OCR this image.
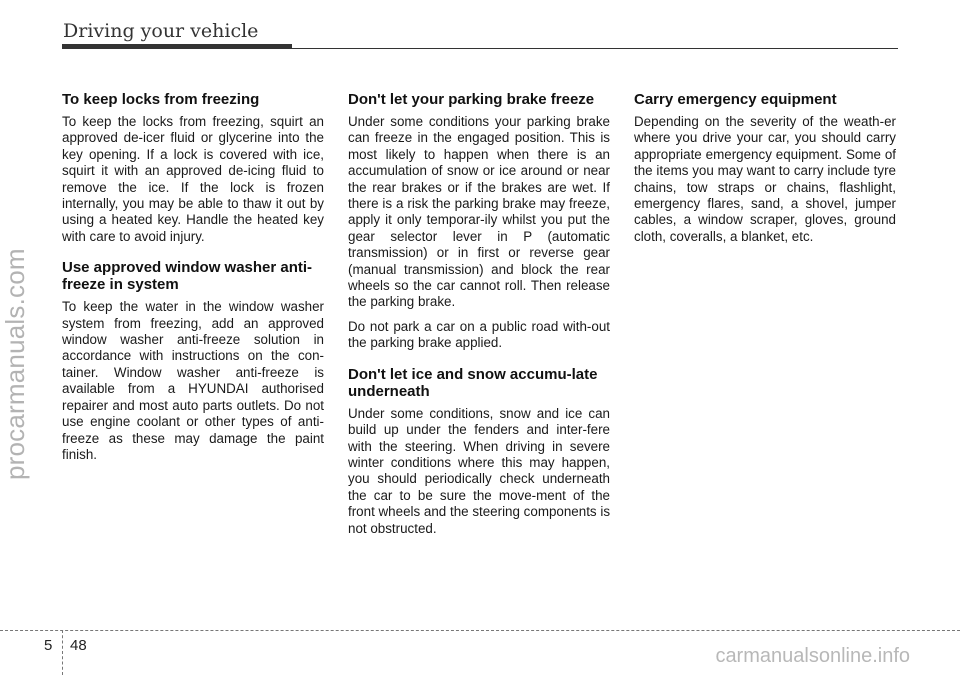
Driving your vehicle
procarmanuals.com
To keep locks from freezing

To keep the locks from freezing, squirt an approved de-icer fluid or glycerine into the key opening. If a lock is covered with ice, squirt it with an approved de-icing fluid to remove the ice. If the lock is frozen internally, you may be able to thaw it out by using a heated key. Handle the heated key with care to avoid injury.

Use approved window washer anti-freeze in system

To keep the water in the window washer system from freezing, add an approved window washer anti-freeze solution in accordance with instructions on the con-tainer. Window washer anti-freeze is available from a HYUNDAI authorised repairer and most auto parts outlets. Do not use engine coolant or other types of anti-freeze as these may damage the paint finish.

Don't let your parking brake freeze

Under some conditions your parking brake can freeze in the engaged position. This is most likely to happen when there is an accumulation of snow or ice around or near the rear brakes or if the brakes are wet. If there is a risk the parking brake may freeze, apply it only temporar-ily whilst you put the gear selector lever in P (automatic transmission) or in first or reverse gear (manual transmission) and block the rear wheels so the car cannot roll. Then release the parking brake.

Do not park a car on a public road with-out the parking brake applied.

Don't let ice and snow accumu-late underneath

Under some conditions, snow and ice can build up under the fenders and inter-fere with the steering. When driving in severe winter conditions where this may happen, you should periodically check underneath the car to be sure the move-ment of the front wheels and the steering components is not obstructed.

Carry emergency equipment

Depending on the severity of the weath-er where you drive your car, you should carry appropriate emergency equipment. Some of the items you may want to carry include tyre chains, tow straps or chains, flashlight, emergency flares, sand, a shovel, jumper cables, a window scraper, gloves, ground cloth, coveralls, a blanket, etc.

5 48	carmanualsonline.info
